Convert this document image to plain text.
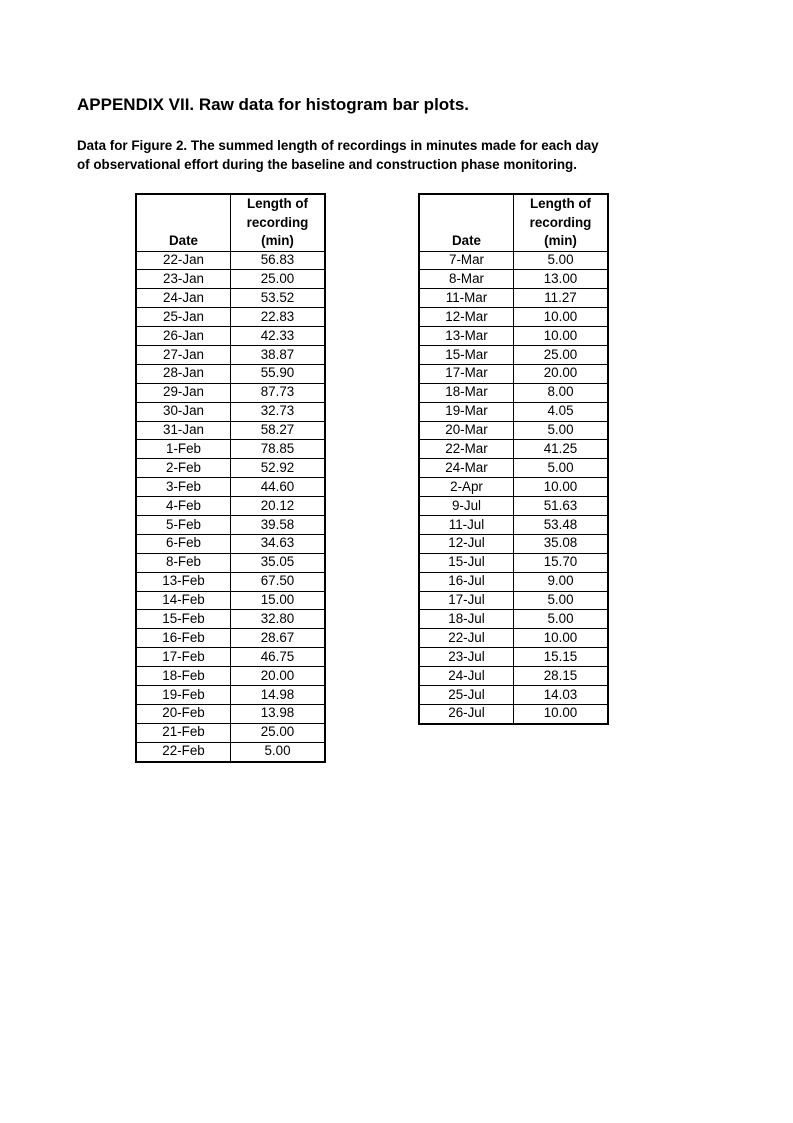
APPENDIX VII. Raw data for histogram bar plots.
Data for Figure 2. The summed length of recordings in minutes made for each day
of observational effort during the baseline and construction phase monitoring.
Date	Length of
recording
(min)
22-Jan	56.83
23-Jan	25.00
24-Jan	53.52
25-Jan	22.83
26-Jan	42.33
27-Jan	38.87
28-Jan	55.90
29-Jan	87.73
30-Jan	32.73
31-Jan	58.27
1-Feb	78.85
2-Feb	52.92
3-Feb	44.60
4-Feb	20.12
5-Feb	39.58
6-Feb	34.63
8-Feb	35.05
13-Feb	67.50
14-Feb	15.00
15-Feb	32.80
16-Feb	28.67
17-Feb	46.75
18-Feb	20.00
19-Feb	14.98
20-Feb	13.98
21-Feb	25.00
22-Feb	5.00
Date	Length of
recording
(min)
7-Mar	5.00
8-Mar	13.00
11-Mar	11.27
12-Mar	10.00
13-Mar	10.00
15-Mar	25.00
17-Mar	20.00
18-Mar	8.00
19-Mar	4.05
20-Mar	5.00
22-Mar	41.25
24-Mar	5.00
2-Apr	10.00
9-Jul	51.63
11-Jul	53.48
12-Jul	35.08
15-Jul	15.70
16-Jul	9.00
17-Jul	5.00
18-Jul	5.00
22-Jul	10.00
23-Jul	15.15
24-Jul	28.15
25-Jul	14.03
26-Jul	10.00
